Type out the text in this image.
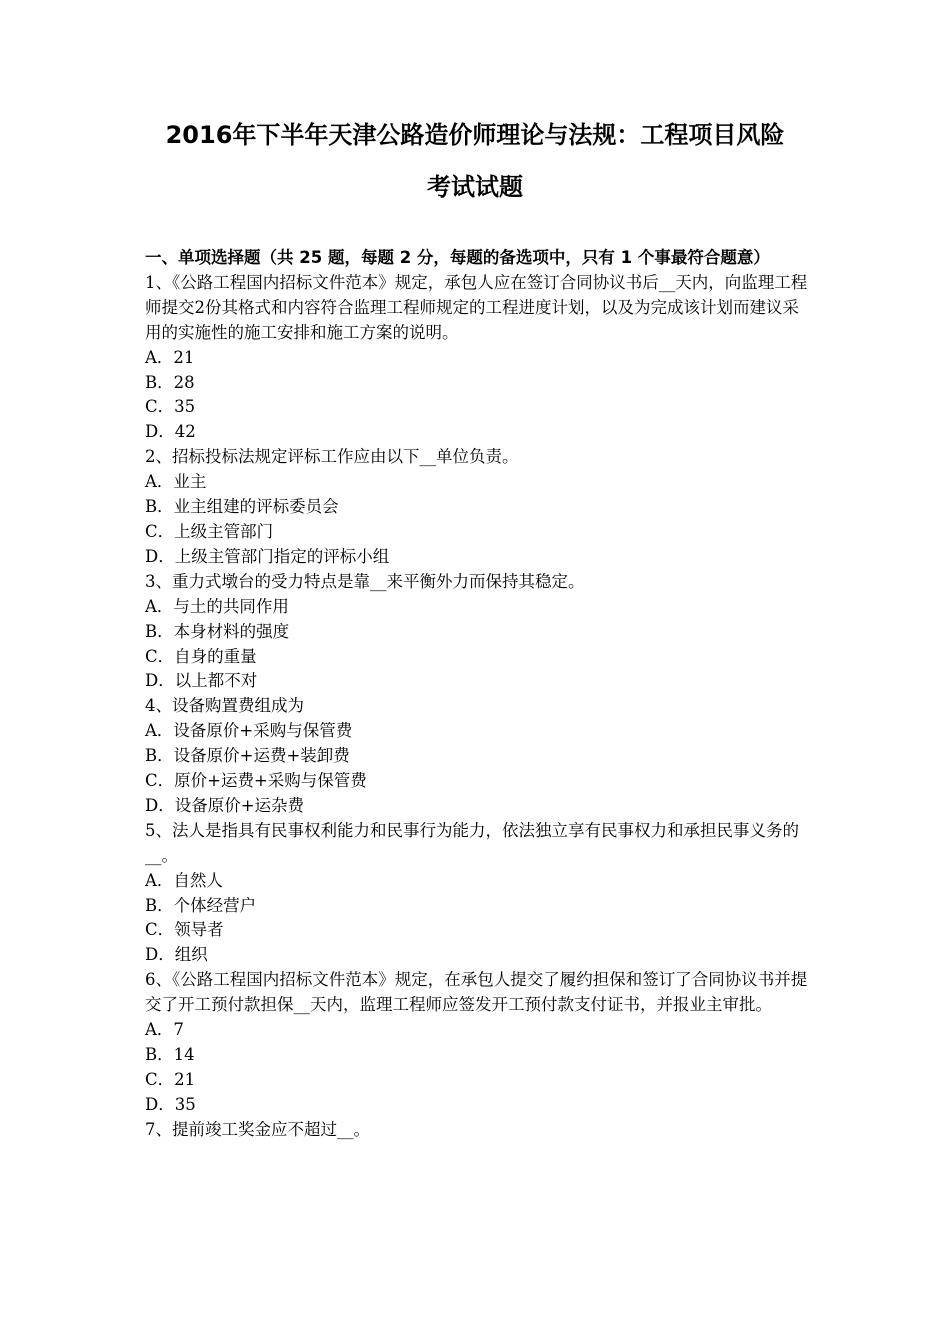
2016年下半年天津公路造价师理论与法规：工程项目风险
考试试题

一、单项选择题（共 25 题，每题 2 分，每题的备选项中，只有 1 个事最符合题意）

1、《公路工程国内招标文件范本》规定，承包人应在签订合同协议书后__天内，向监理工程师提交2份其格式和内容符合监理工程师规定的工程进度计划，以及为完成该计划而建议采用的实施性的施工安排和施工方案的说明。

A．21

B．28

C．35

D．42

2、招标投标法规定评标工作应由以下__单位负责。

A．业主

B．业主组建的评标委员会

C．上级主管部门

D．上级主管部门指定的评标小组

3、重力式墩台的受力特点是靠__来平衡外力而保持其稳定。

A．与土的共同作用

B．本身材料的强度

C．自身的重量

D．以上都不对

4、设备购置费组成为

A．设备原价+采购与保管费

B．设备原价+运费+装卸费

C．原价+运费+采购与保管费

D．设备原价+运杂费

5、法人是指具有民事权利能力和民事行为能力，依法独立享有民事权力和承担民事义务的__。

A．自然人

B．个体经营户

C．领导者

D．组织

6、《公路工程国内招标文件范本》规定，在承包人提交了履约担保和签订了合同协议书并提交了开工预付款担保__天内，监理工程师应签发开工预付款支付证书，并报业主审批。

A．7

B．14

C．21

D．35

7、提前竣工奖金应不超过__。
